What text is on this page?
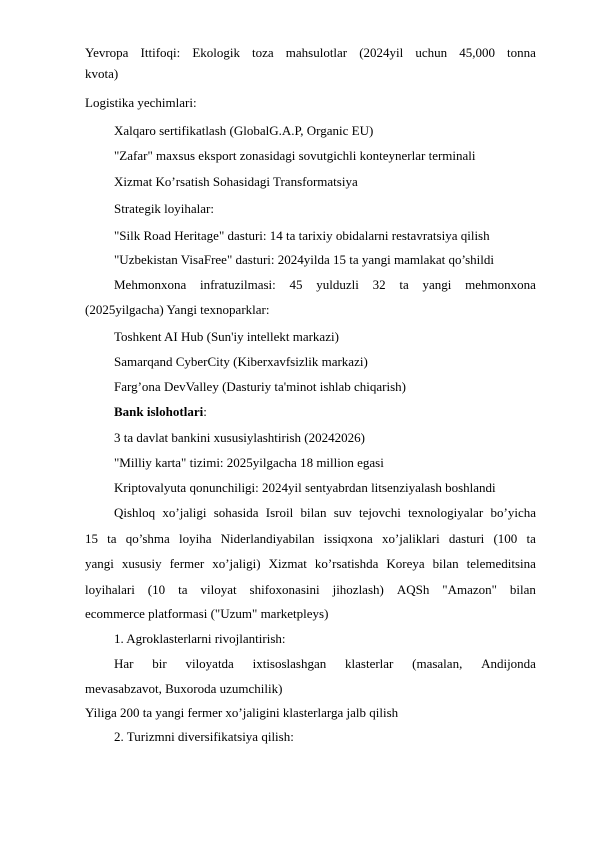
Yevropa Ittifoqi: Ekologik toza mahsulotlar (2024yil uchun 45,000 tonna
kvota)
Logistika yechimlari:
Xalqaro sertifikatlash (GlobalG.A.P, Organic EU)
"Zafar" maxsus eksport zonasidagi sovutgichli konteynerlar terminali
Xizmat Ko’rsatish Sohasidagi Transformatsiya
Strategik loyihalar:
"Silk Road Heritage" dasturi: 14 ta tarixiy obidalarni restavratsiya qilish
"Uzbekistan VisaFree" dasturi: 2024yilda 15 ta yangi mamlakat qo’shildi
Mehmonxona infratuzilmasi: 45 yulduzli 32 ta yangi mehmonxona
(2025yilgacha) Yangi texnoparklar:
Toshkent AI Hub (Sun'iy intellekt markazi)
Samarqand CyberCity (Kiberxavfsizlik markazi)
Farg’ona DevValley (Dasturiy ta'minot ishlab chiqarish)
Bank islohotlari:
3 ta davlat bankini xususiylashtirish (20242026)
"Milliy karta" tizimi: 2025yilgacha 18 million egasi
Kriptovalyuta qonunchiligi: 2024yil sentyabrdan litsenziyalash boshlandi
Qishloq xo’jaligi sohasida Isroil bilan suv tejovchi texnologiyalar bo’yicha
15 ta qo’shma loyiha Niderlandiyabilan issiqxona xo’jaliklari dasturi (100 ta
yangi xususiy fermer xo’jaligi) Xizmat ko’rsatishda Koreya bilan telemeditsina
loyihalari (10 ta viloyat shifoxonasini jihozlash) AQSh "Amazon" bilan
ecommerce platformasi ("Uzum" marketpleys)
1. Agroklasterlarni rivojlantirish:
Har bir viloyatda ixtisoslashgan klasterlar (masalan, Andijonda
mevasabzavot, Buxoroda uzumchilik)
Yiliga 200 ta yangi fermer xo’jaligini klasterlarga jalb qilish
2. Turizmni diversifikatsiya qilish:
